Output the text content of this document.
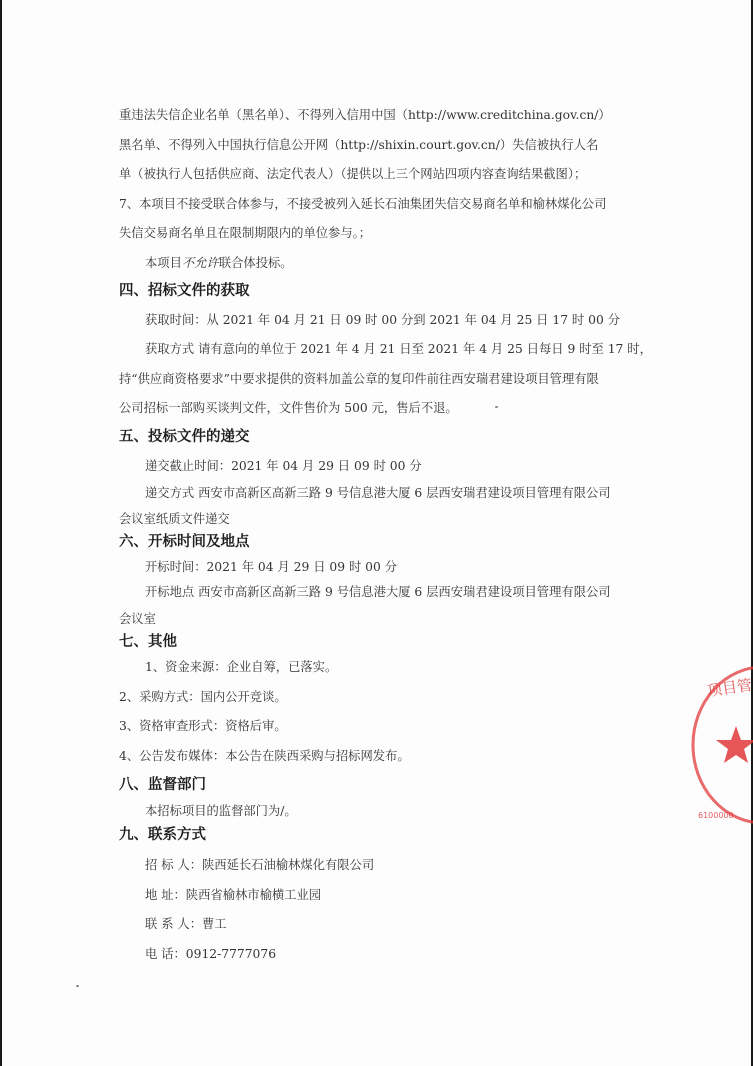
重违法失信企业名单（黑名单）、不得列入信用中国（http://www.creditchina.gov.cn/）
黑名单、不得列入中国执行信息公开网（http://shixin.court.gov.cn/）失信被执行人名
单（被执行人包括供应商、法定代表人）（提供以上三个网站四项内容查询结果截图）；
7、本项目不接受联合体参与，不接受被列入延长石油集团失信交易商名单和榆林煤化公司
失信交易商名单且在限制期限内的单位参与。；
本项目不允许联合体投标。
四、招标文件的获取
获取时间：从 2021 年 04 月 21 日 09 时 00 分到 2021 年 04 月 25 日 17 时 00 分
获取方式 请有意向的单位于 2021 年 4 月 21 日至 2021 年 4 月 25 日每日 9 时至 17 时，
持“供应商资格要求”中要求提供的资料加盖公章的复印件前往西安瑞君建设项目管理有限
公司招标一部购买谈判文件，文件售价为 500 元，售后不退。
五、投标文件的递交
递交截止时间：2021 年 04 月 29 日 09 时 00 分
递交方式 西安市高新区高新三路 9 号信息港大厦 6 层西安瑞君建设项目管理有限公司
会议室纸质文件递交
六、开标时间及地点
开标时间：2021 年 04 月 29 日 09 时 00 分
开标地点 西安市高新区高新三路 9 号信息港大厦 6 层西安瑞君建设项目管理有限公司
会议室
七、其他
1、资金来源：企业自筹，已落实。
2、采购方式：国内公开竞谈。
3、资格审查形式：资格后审。
4、公告发布媒体：本公告在陕西采购与招标网发布。
八、监督部门
本招标项目的监督部门为/。
九、联系方式
招 标 人：陕西延长石油榆林煤化有限公司
地 址：陕西省榆林市榆横工业园
联 系 人：曹工
电 话：0912-7777076
项目管
6100000
